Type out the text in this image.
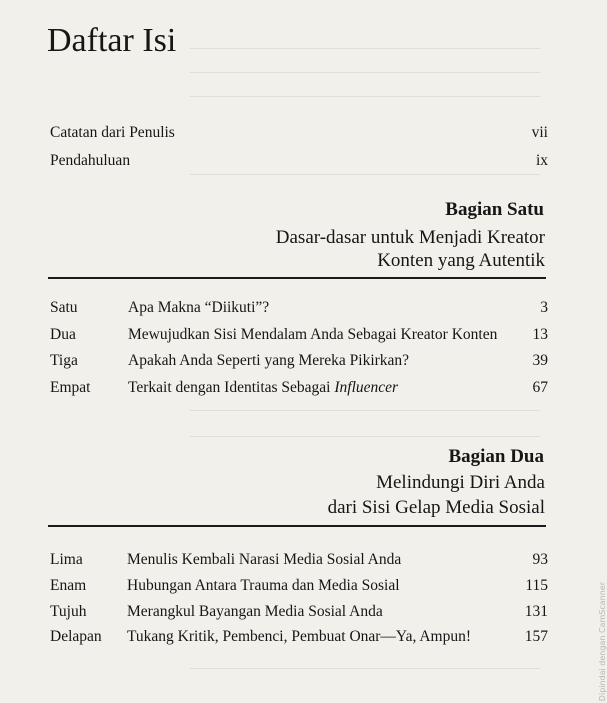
Daftar Isi
Catatan dari Penulis	vii
Pendahuluan	ix
Bagian Satu
Dasar-dasar untuk Menjadi Kreator
Konten yang Autentik
Satu	Apa Makna “Diikuti”?	3
Dua	Mewujudkan Sisi Mendalam Anda Sebagai Kreator Konten 13
Tiga	Apakah Anda Seperti yang Mereka Pikirkan?	39
Empat Terkait dengan Identitas Sebagai Influencer	67
Bagian Dua
Melindungi Diri Anda
dari Sisi Gelap Media Sosial
Lima	Menulis Kembali Narasi Media Sosial Anda	93
Enam	Hubungan Antara Trauma dan Media Sosial	115
Tujuh	Merangkul Bayangan Media Sosial Anda	131
Delapan Tukang Kritik, Pembenci, Pembuat Onar—Ya, Ampun!	157	Dipindai dengan CamScanner
